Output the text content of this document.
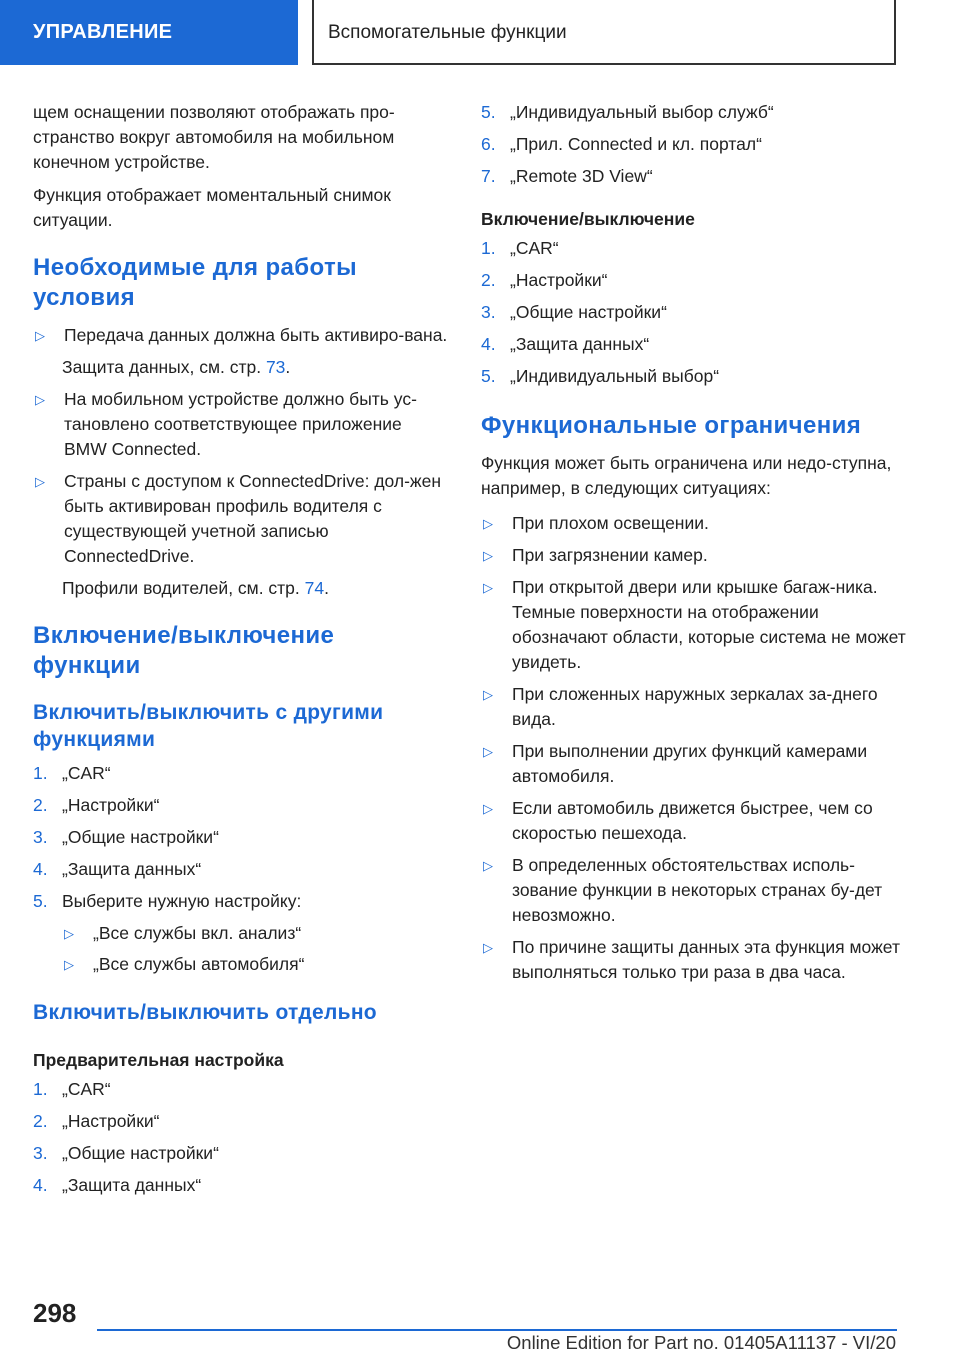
УПРАВЛЕНИЕ	Вспомогательные функции

щем оснащении позволяют отображать про-странство вокруг автомобиля на мобильном конечном устройстве.

Функция отображает моментальный снимок ситуации.

Необходимые для работы условия
▷	Передача данных должна быть активиро-вана.
Защита данных, см. стр. 73.
▷	На мобильном устройстве должно быть ус-тановлено соответствующее приложение BMW Connected.
▷	Страны с доступом к ConnectedDrive: дол-жен быть активирован профиль водителя с существующей учетной записью ConnectedDrive.
Профили водителей, см. стр. 74.
Включение/выключение функции
Включить/выключить с другими функциями
1. „CAR“
2. „Настройки“
3. „Общие настройки“
4. „Защита данных“
5. Выберите нужную настройку:
▷	„Все службы вкл. анализ“
▷	„Все службы автомобиля“
Включить/выключить отдельно
Предварительная настройка
1. „CAR“
2. „Настройки“
3. „Общие настройки“
4. „Защита данных“
5. „Индивидуальный выбор служб“
6. „Прил. Connected и кл. портал“
7. „Remote 3D View“
Включение/выключение
1. „CAR“
2. „Настройки“
3. „Общие настройки“
4. „Защита данных“
5. „Индивидуальный выбор“
Функциональные ограничения

Функция может быть ограничена или недо-ступна, например, в следующих ситуациях:

▷	При плохом освещении.
▷	При загрязнении камер.
▷	При открытой двери или крышке багаж-ника. Темные поверхности на отображении обозначают области, которые система не может увидеть.
▷	При сложенных наружных зеркалах за-днего вида.
▷	При выполнении других функций камерами автомобиля.
▷	Если автомобиль движется быстрее, чем со скоростью пешехода.
▷	В определенных обстоятельствах исполь-зование функции в некоторых странах бу-дет невозможно.
▷	По причине защиты данных эта функция может выполняться только три раза в два часа.
298
Online Edition for Part no. 01405A11137 - VI/20
